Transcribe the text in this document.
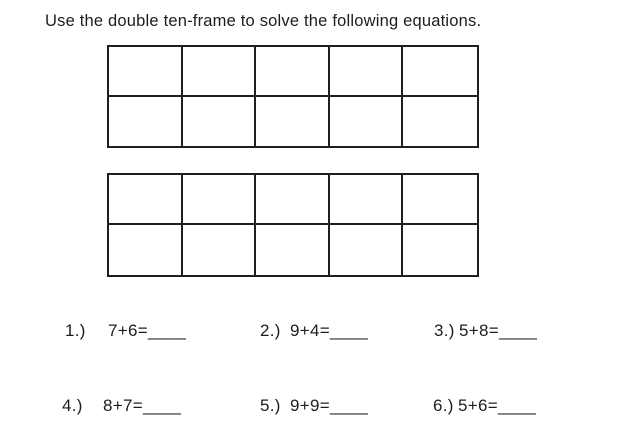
Use the double ten-frame to solve the following equations.
1.) 7+6=____	2.) 9+4=____	3.) 5+8=____
4.) 8+7=____	5.) 9+9=____	6.) 5+6=____
